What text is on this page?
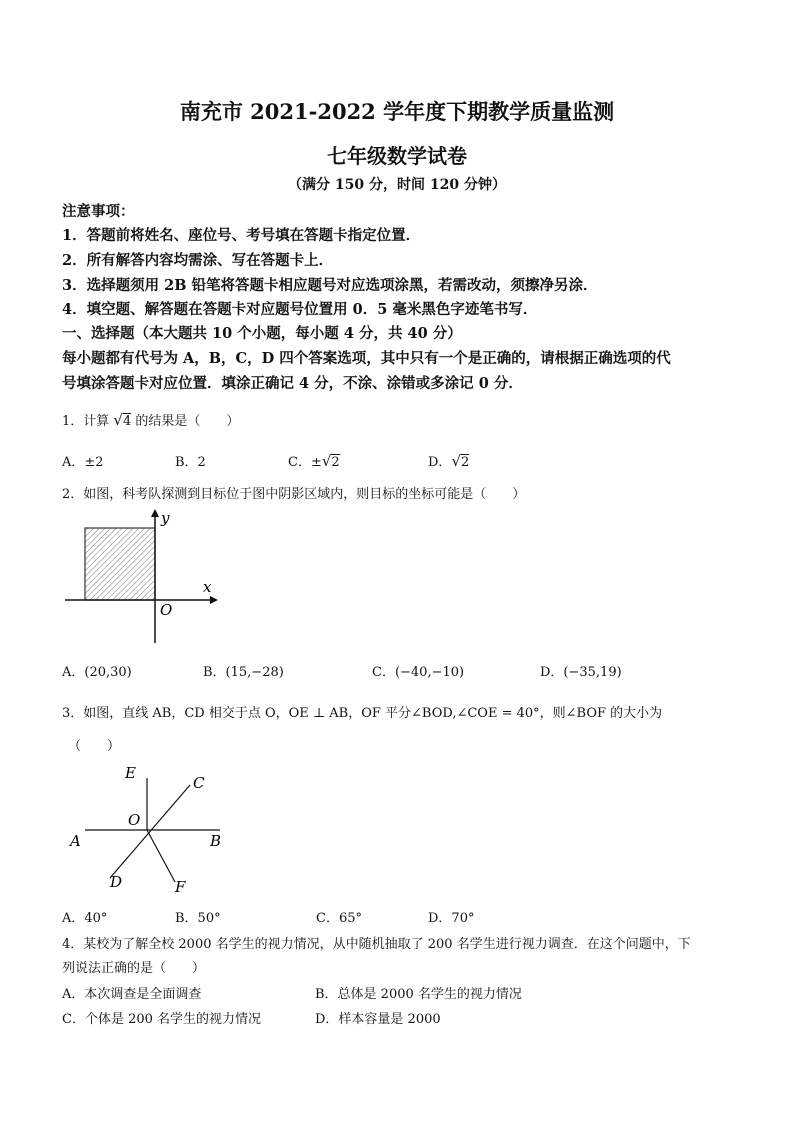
南充市 2021-2022 学年度下期教学质量监测
七年级数学试卷
（满分 150 分，时间 120 分钟）
注意事项：
1．答题前将姓名、座位号、考号填在答题卡指定位置．
2．所有解答内容均需涂、写在答题卡上．
3．选择题须用 2B 铅笔将答题卡相应题号对应选项涂黑，若需改动，须擦净另涂．
4．填空题、解答题在答题卡对应题号位置用 0．5 毫米黑色字迹笔书写．
一、选择题（本大题共 10 个小题，每小题 4 分，共 40 分）
每小题都有代号为 A，B，C，D 四个答案选项，其中只有一个是正确的，请根据正确选项的代
号填涂答题卡对应位置．填涂正确记 4 分，不涂、涂错或多涂记 0 分．
1．计算 √4 的结果是（　　）
A．±2	B．2	C．±√2	D．√2
2．如图，科考队探测到目标位于图中阴影区域内，则目标的坐标可能是（　　）
y
x
O
A．(20,30)	B．(15,−28)	C．(−40,−10)	D．(−35,19)
3．如图，直线 AB，CD 相交于点 O，OE ⊥ AB，OF 平分∠BOD,∠COE = 40°，则∠BOF 的大小为
（　　）
E
C
O
A	B
D	F
A．40°	B．50°	C．65°	D．70°
4．某校为了解全校 2000 名学生的视力情况，从中随机抽取了 200 名学生进行视力调查．在这个问题中，下
列说法正确的是（　　）
A．本次调查是全面调查	B．总体是 2000 名学生的视力情况
C．个体是 200 名学生的视力情况	D．样本容量是 2000
